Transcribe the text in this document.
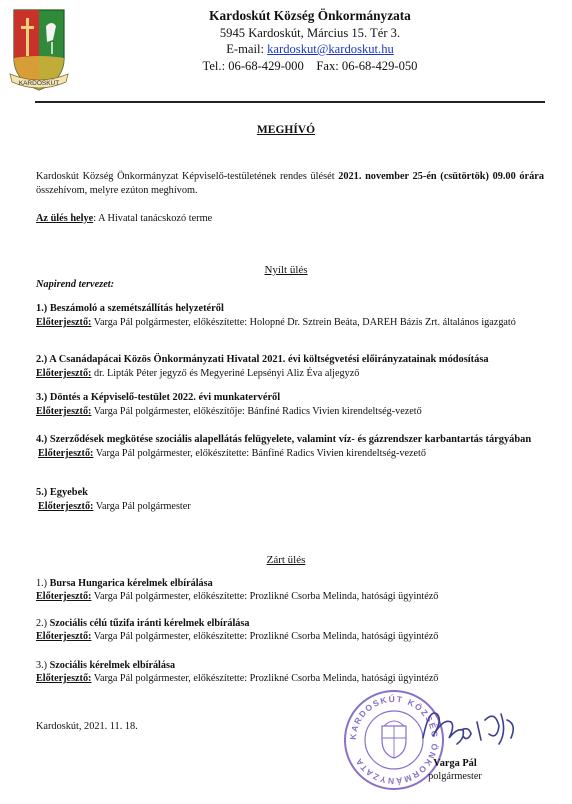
KARDOSKÚT
Kardoskút Község Önkormányzata
5945 Kardoskút, Március 15. Tér 3.
E-mail: kardoskut@kardoskut.hu
Tel.: 06-68-429-000 Fax: 06-68-429-050
MEGHÍVÓ
Kardoskút Község Önkormányzat Képviselő-testületének rendes ülését 2021. november 25-én (csütörtök) 09.00 órára összehívom, melyre ezúton meghívom.
Az ülés helye: A Hivatal tanácskozó terme
Nyílt ülés
Napirend tervezet:
1.) Beszámoló a szemétszállítás helyzetéről
Előterjesztő: Varga Pál polgármester, előkészítette: Holopné Dr. Sztrein Beáta, DAREH Bázis Zrt. általános igazgató
2.) A Csanádapácai Közös Önkormányzati Hivatal 2021. évi költségvetési előirányzatainak módosítása
Előterjesztő: dr. Lipták Péter jegyző és Megyeriné Lepsényi Aliz Éva aljegyző
3.) Döntés a Képviselő-testület 2022. évi munkatervéről
Előterjesztő: Varga Pál polgármester, előkészítője: Bánfiné Radics Vivien kirendeltség-vezető
4.) Szerződések megkötése szociális alapellátás felügyelete, valamint víz- és gázrendszer karbantartás tárgyában
Előterjesztő: Varga Pál polgármester, előkészítette: Bánfiné Radics Vivien kirendeltség-vezető
5.) Egyebek
Előterjesztő: Varga Pál polgármester
Zárt ülés
1.) Bursa Hungarica kérelmek elbírálása
Előterjesztő: Varga Pál polgármester, előkészítette: Prozlikné Csorba Melinda, hatósági ügyintéző
2.) Szociális célú tűzifa iránti kérelmek elbírálása
Előterjesztő: Varga Pál polgármester, előkészítette: Prozlikné Csorba Melinda, hatósági ügyintéző
3.) Szociális kérelmek elbírálása
Előterjesztő: Varga Pál polgármester, előkészítette: Prozlikné Csorba Melinda, hatósági ügyintéző
Kardoskút, 2021. 11. 18.
KARDOSKÚT KÖZSÉG ÖNKORMÁNYZATA	Varga Pál
polgármester
